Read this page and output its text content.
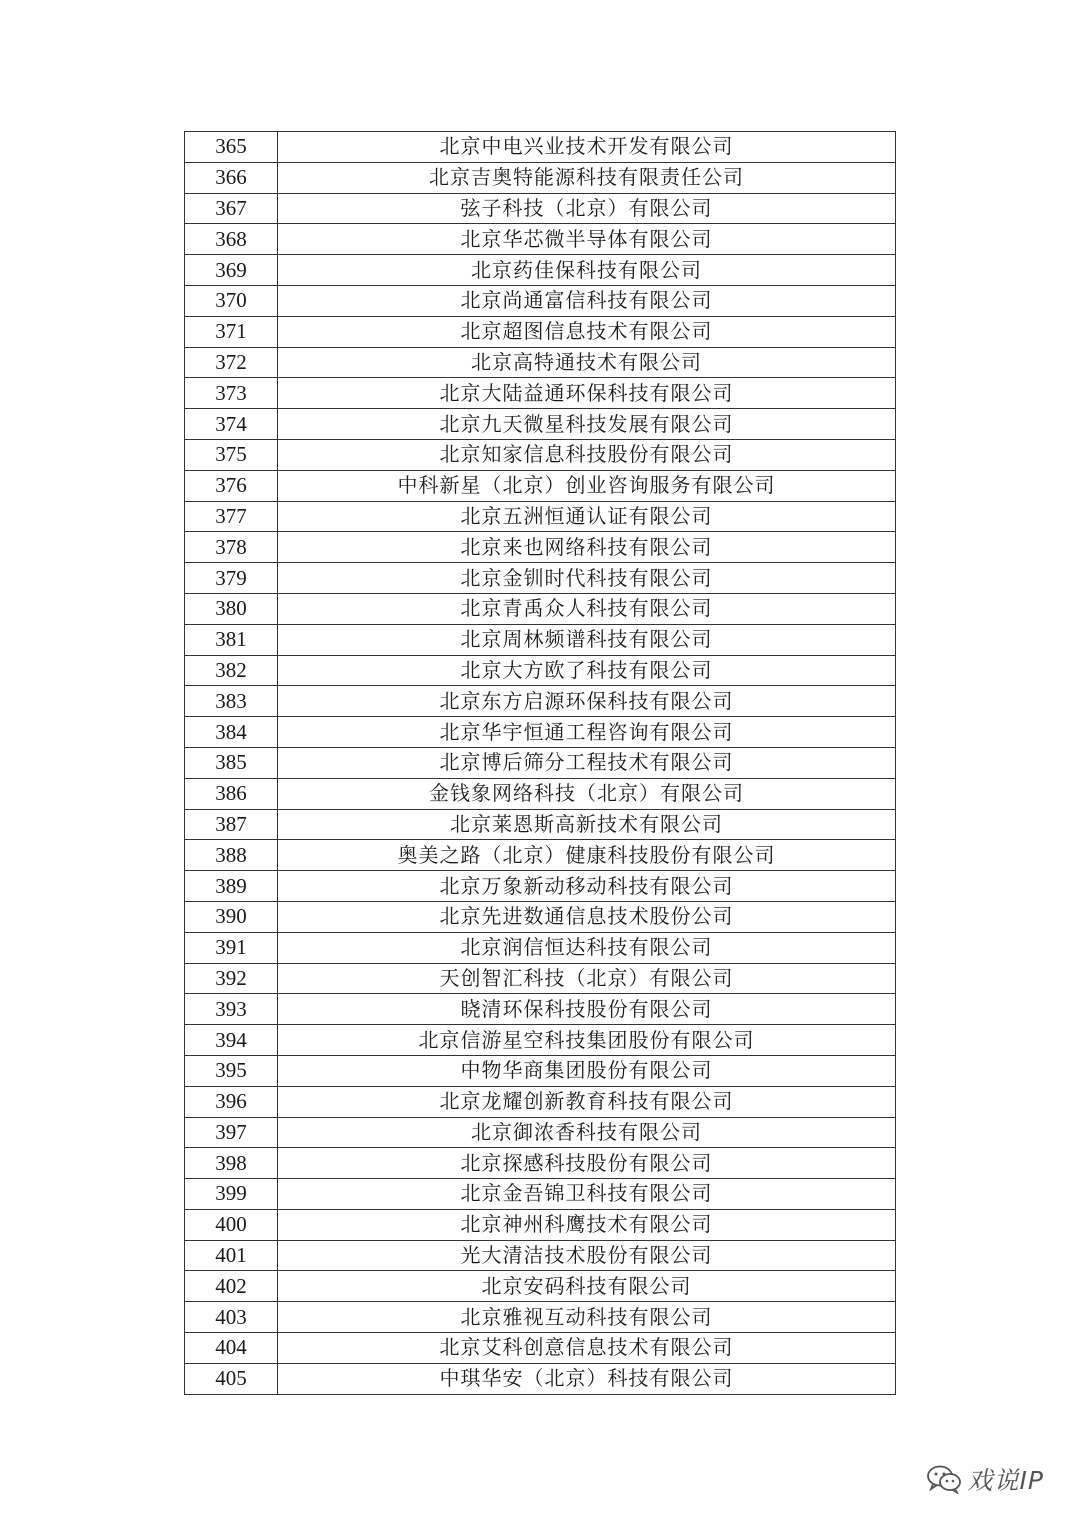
365	北京中电兴业技术开发有限公司
366	北京吉奥特能源科技有限责任公司
367	弦子科技（北京）有限公司
368	北京华芯微半导体有限公司
369	北京药佳保科技有限公司
370	北京尚通富信科技有限公司
371	北京超图信息技术有限公司
372	北京高特通技术有限公司
373	北京大陆益通环保科技有限公司
374	北京九天微星科技发展有限公司
375	北京知家信息科技股份有限公司
376	中科新星（北京）创业咨询服务有限公司
377	北京五洲恒通认证有限公司
378	北京来也网络科技有限公司
379	北京金钏时代科技有限公司
380	北京青禹众人科技有限公司
381	北京周林频谱科技有限公司
382	北京大方欧了科技有限公司
383	北京东方启源环保科技有限公司
384	北京华宇恒通工程咨询有限公司
385	北京博后筛分工程技术有限公司
386	金钱象网络科技（北京）有限公司
387	北京莱恩斯高新技术有限公司
388	奥美之路（北京）健康科技股份有限公司
389	北京万象新动移动科技有限公司
390	北京先进数通信息技术股份公司
391	北京润信恒达科技有限公司
392	天创智汇科技（北京）有限公司
393	晓清环保科技股份有限公司
394	北京信游星空科技集团股份有限公司
395	中物华商集团股份有限公司
396	北京龙耀创新教育科技有限公司
397	北京御浓香科技有限公司
398	北京探感科技股份有限公司
399	北京金吾锦卫科技有限公司
400	北京神州科鹰技术有限公司
401	光大清洁技术股份有限公司
402	北京安码科技有限公司
403	北京雅视互动科技有限公司
404	北京艾科创意信息技术有限公司
405	中琪华安（北京）科技有限公司
戏说IP
